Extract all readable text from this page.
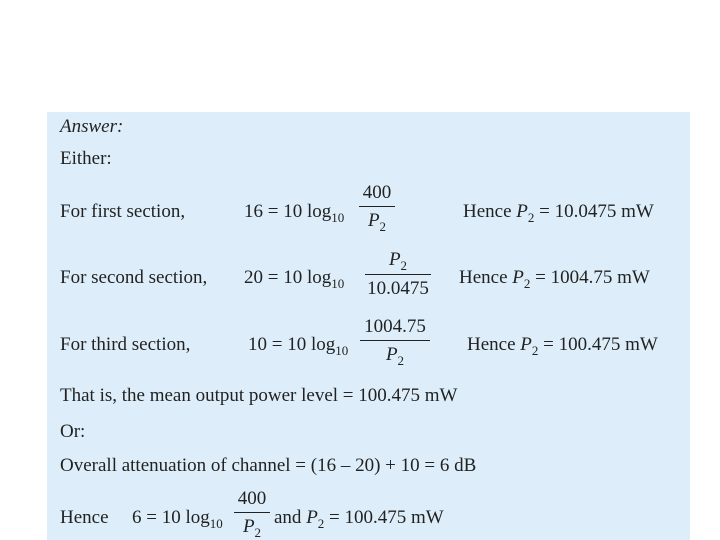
Answer:
Either:
For first section,	16 = 10 $\log_{10}$
400
$P_2$
Hence $P_2 = 10.0475$ mW
For second section, 20 = 10 $\log_{10}$
$P_2$
10.0475
Hence $P_2 = 1004.75$ mW
For third section,	10 = 10 $\log_{10}$
1004.75
$P_2$
Hence $P_2 = 100.475$ mW
That is, the mean output power level = 100.475 mW
Or:
Overall attenuation of channel = (16 – 20) + 10 = 6 dB
Hence 6 = 10 $\log_{10}$
400
$P_2$
and $P_2 = 100.475$ mW
